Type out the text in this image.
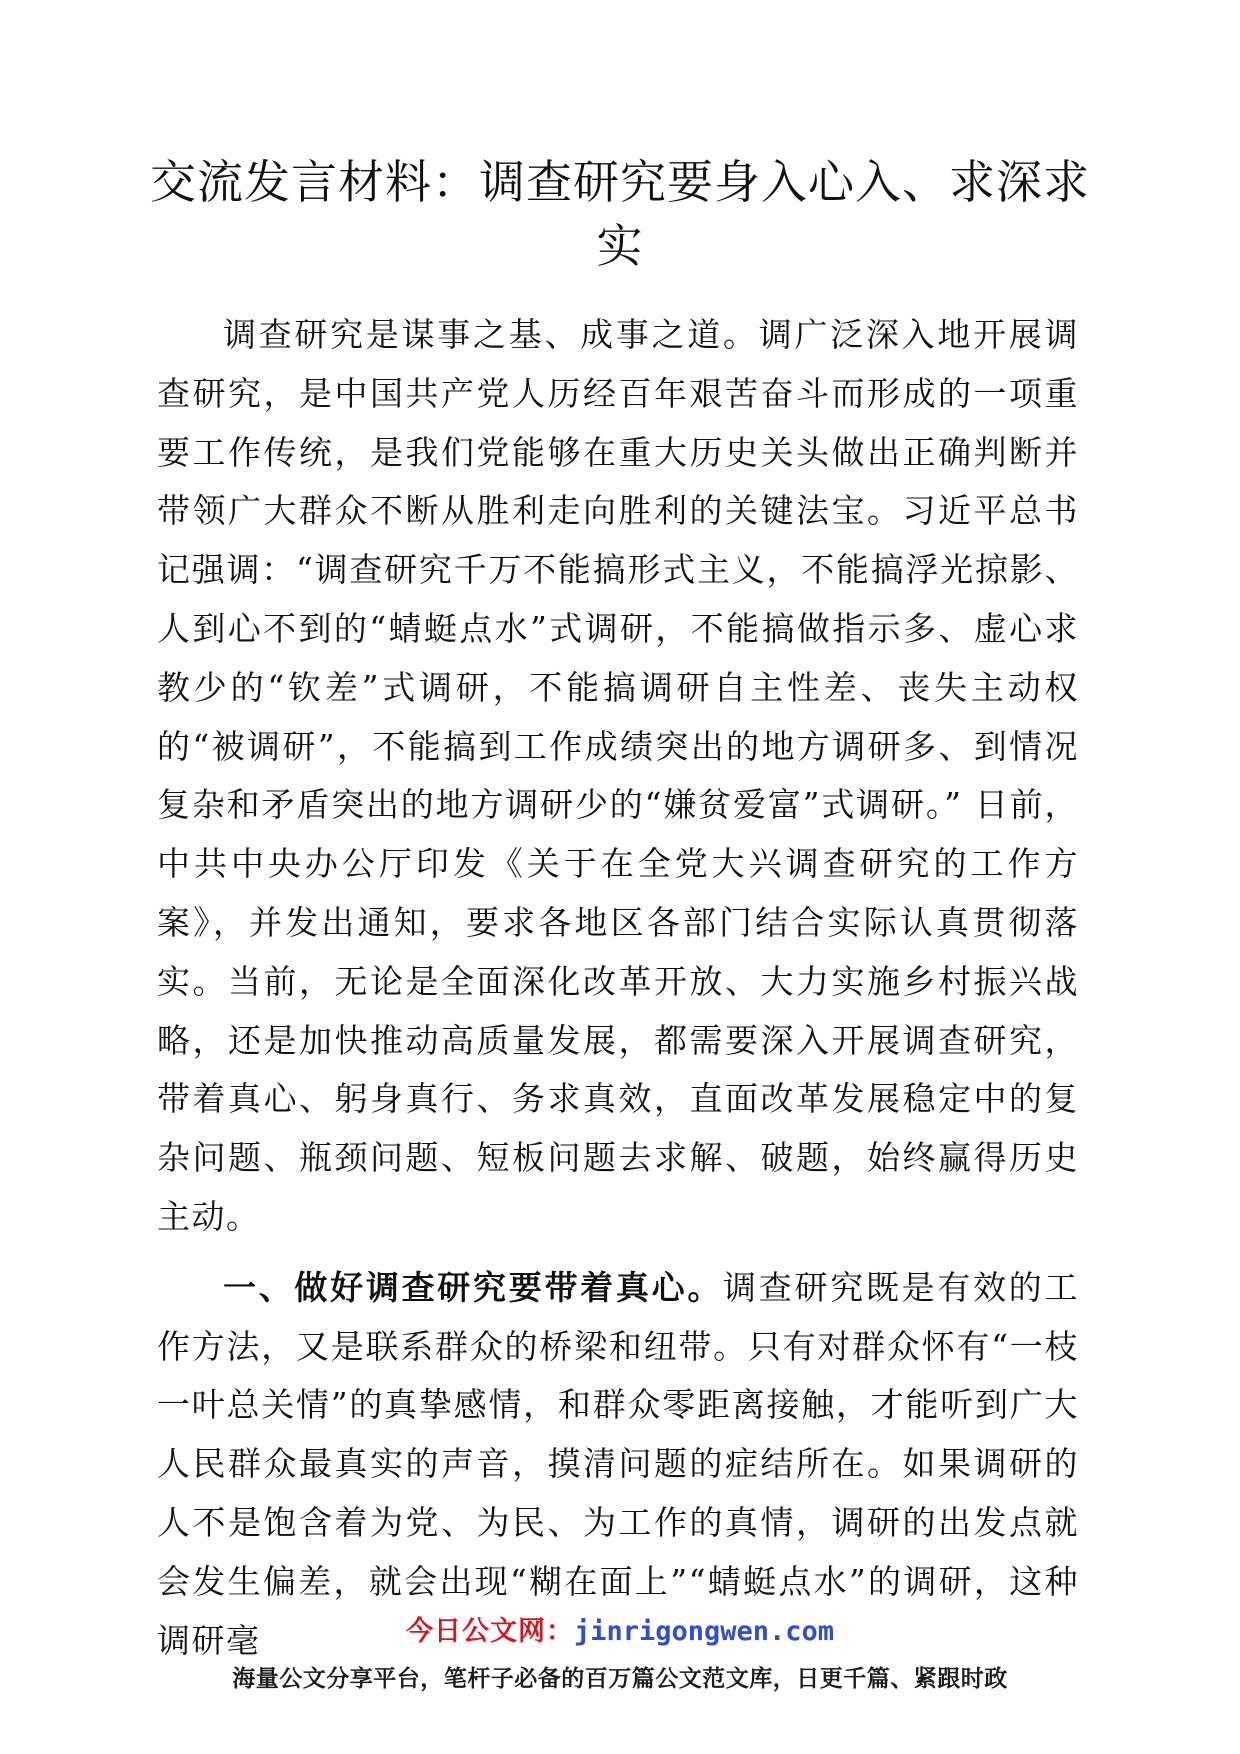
交流发言材料：调查研究要身入心入、求深求实

调查研究是谋事之基、成事之道。调广泛深入地开展调查研究，是中国共产党人历经百年艰苦奋斗而形成的一项重要工作传统，是我们党能够在重大历史关头做出正确判断并带领广大群众不断从胜利走向胜利的关键法宝。习近平总书记强调：“调查研究千万不能搞形式主义，不能搞浮光掠影、人到心不到的“蜻蜓点水”式调研，不能搞做指示多、虚心求教少的“钦差”式调研，不能搞调研自主性差、丧失主动权的“被调研”，不能搞到工作成绩突出的地方调研多、到情况复杂和矛盾突出的地方调研少的“嫌贫爱富”式调研。” 日前，中共中央办公厅印发《关于在全党大兴调查研究的工作方案》，并发出通知，要求各地区各部门结合实际认真贯彻落实。当前，无论是全面深化改革开放、大力实施乡村振兴战略，还是加快推动高质量发展，都需要深入开展调查研究，带着真心、躬身真行、务求真效，直面改革发展稳定中的复杂问题、瓶颈问题、短板问题去求解、破题，始终赢得历史主动。

一、做好调查研究要带着真心。调查研究既是有效的工作方法，又是联系群众的桥梁和纽带。只有对群众怀有“一枝一叶总关情”的真挚感情，和群众零距离接触，才能听到广大人民群众最真实的声音，摸清问题的症结所在。如果调研的人不是饱含着为党、为民、为工作的真情，调研的出发点就会发生偏差，就会出现“糊在面上”“蜻蜓点水”的调研，这种调研毫	今日公文网：jinrigongwen.com
海量公文分享平台，笔杆子必备的百万篇公文范文库，日更千篇、紧跟时政
